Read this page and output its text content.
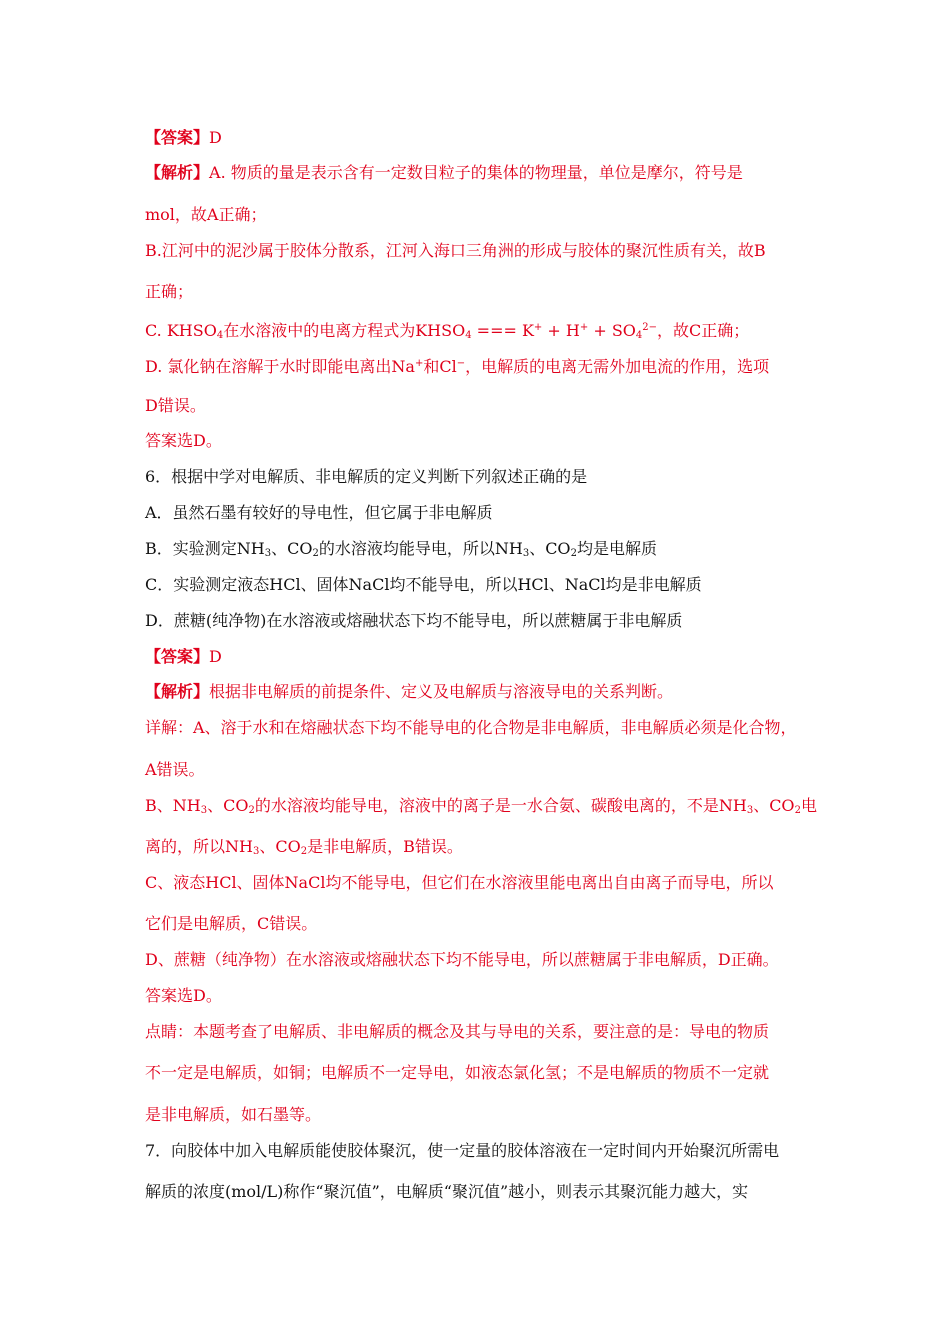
【答案】D

【解析】A. 物质的量是表示含有一定数目粒子的集体的物理量，单位是摩尔，符号是

mol，故A正确；

B.江河中的泥沙属于胶体分散系，江河入海口三角洲的形成与胶体的聚沉性质有关，故B

正确；

C. $KHSO_4$在水溶液中的电离方程式为$KHSO_4$ === $K^+ + H^+ + SO_4^{2-}$，故C正确；

D. 氯化钠在溶解于水时即能电离出Na+和Cl−，电解质的电离无需外加电流的作用，选项

D错误。

答案选D。

6．根据中学对电解质、非电解质的定义判断下列叙述正确的是

A．虽然石墨有较好的导电性，但它属于非电解质

B．实验测定$NH_3$、$CO_2$的水溶液均能导电，所以$NH_3$、$CO_2$均是电解质

C．实验测定液态HCl、固体NaCl均不能导电，所以HCl、NaCl均是非电解质

D．蔗糖(纯净物)在水溶液或熔融状态下均不能导电，所以蔗糖属于非电解质

【答案】D

【解析】根据非电解质的前提条件、定义及电解质与溶液导电的关系判断。

详解：A、溶于水和在熔融状态下均不能导电的化合物是非电解质，非电解质必须是化合物，

A错误。

B、$NH_3$、$CO_2$的水溶液均能导电，溶液中的离子是一水合氨、碳酸电离的，不是$NH_3$、$CO_2$电

离的，所以$NH_3$、$CO_2$是非电解质，B错误。

C、液态HCl、固体NaCl均不能导电，但它们在水溶液里能电离出自由离子而导电，所以

它们是电解质，C错误。

D、蔗糖（纯净物）在水溶液或熔融状态下均不能导电，所以蔗糖属于非电解质，D正确。

答案选D。

点睛：本题考查了电解质、非电解质的概念及其与导电的关系，要注意的是：导电的物质

不一定是电解质，如铜；电解质不一定导电，如液态氯化氢；不是电解质的物质不一定就

是非电解质，如石墨等。

7．向胶体中加入电解质能使胶体聚沉，使一定量的胶体溶液在一定时间内开始聚沉所需电

解质的浓度(mol/L)称作“聚沉值”，电解质“聚沉值”越小，则表示其聚沉能力越大，实
